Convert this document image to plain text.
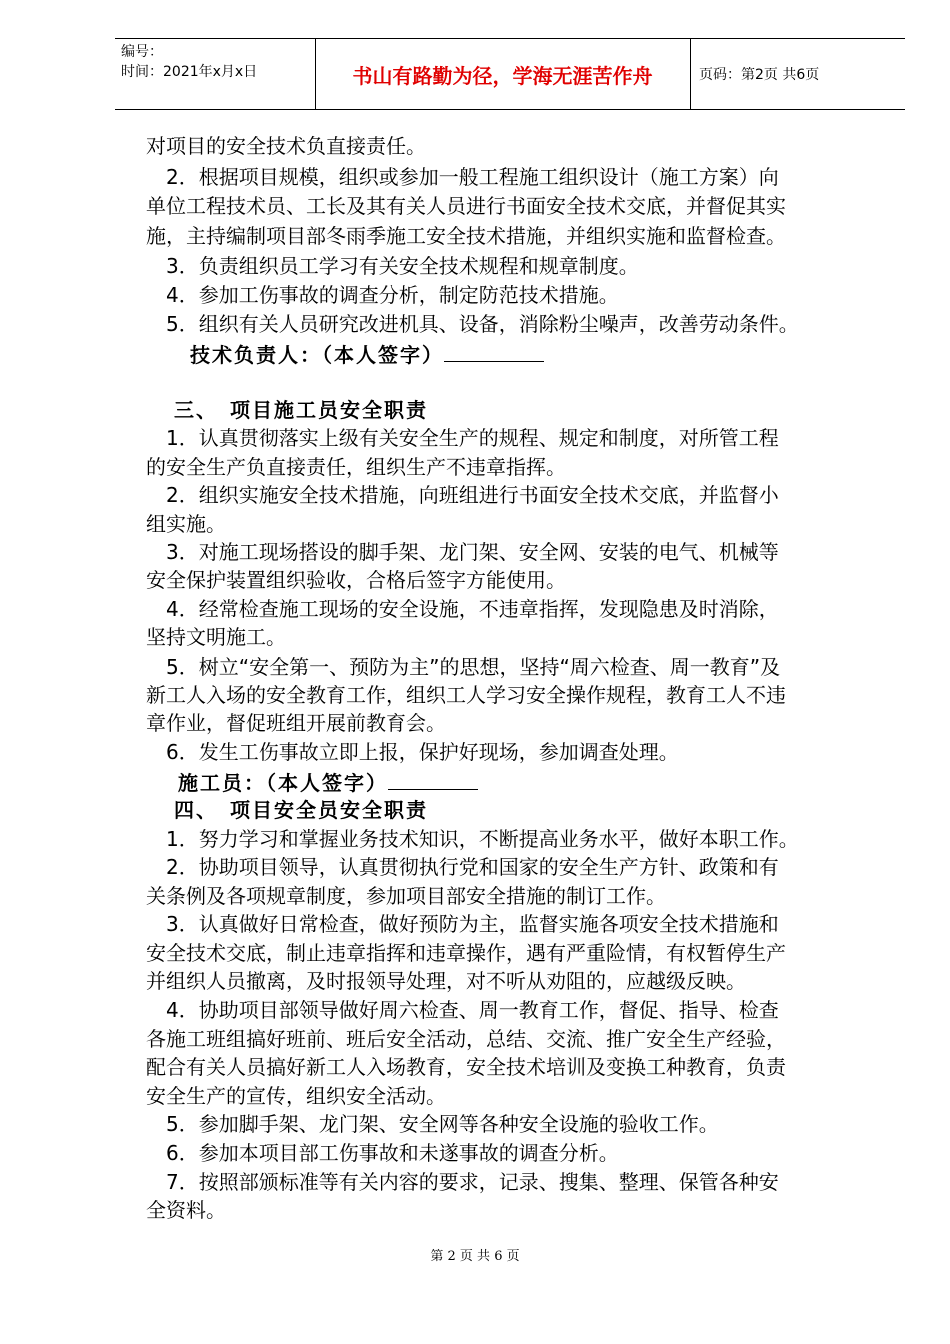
编号：
时间：2021年x月x日	书山有路勤为径，学海无涯苦作舟	页码：第2页 共6页
对项目的安全技术负直接责任。
　2．根据项目规模，组织或参加一般工程施工组织设计（施工方案）向
单位工程技术员、工长及其有关人员进行书面安全技术交底，并督促其实
施，主持编制项目部冬雨季施工安全技术措施，并组织实施和监督检查。
　3．负责组织员工学习有关安全技术规程和规章制度。
　4．参加工伤事故的调查分析，制定防范技术措施。
　5．组织有关人员研究改进机具、设备，消除粉尘噪声，改善劳动条件。
技术负责人：（本人签字）
三、　项目施工员安全职责
　1．认真贯彻落实上级有关安全生产的规程、规定和制度，对所管工程
的安全生产负直接责任，组织生产不违章指挥。
　2．组织实施安全技术措施，向班组进行书面安全技术交底，并监督小
组实施。
　3．对施工现场搭设的脚手架、龙门架、安全网、安装的电气、机械等
安全保护装置组织验收，合格后签字方能使用。
　4．经常检查施工现场的安全设施，不违章指挥，发现隐患及时消除，
坚持文明施工。
　5．树立“安全第一、预防为主”的思想，坚持“周六检查、周一教育”及
新工人入场的安全教育工作，组织工人学习安全操作规程，教育工人不违
章作业，督促班组开展前教育会。
　6．发生工伤事故立即上报，保护好现场，参加调查处理。
施工员：（本人签字）
四、　项目安全员安全职责
　1．努力学习和掌握业务技术知识，不断提高业务水平，做好本职工作。
　2．协助项目领导，认真贯彻执行党和国家的安全生产方针、政策和有
关条例及各项规章制度，参加项目部安全措施的制订工作。
　3．认真做好日常检查，做好预防为主，监督实施各项安全技术措施和
安全技术交底，制止违章指挥和违章操作，遇有严重险情，有权暂停生产
并组织人员撤离，及时报领导处理，对不听从劝阻的，应越级反映。
　4．协助项目部领导做好周六检查、周一教育工作，督促、指导、检查
各施工班组搞好班前、班后安全活动，总结、交流、推广安全生产经验，
配合有关人员搞好新工人入场教育，安全技术培训及变换工种教育，负责
安全生产的宣传，组织安全活动。
　5．参加脚手架、龙门架、安全网等各种安全设施的验收工作。
　6．参加本项目部工伤事故和未遂事故的调查分析。
　7．按照部颁标准等有关内容的要求，记录、搜集、整理、保管各种安
全资料。
第 2 页 共 6 页
